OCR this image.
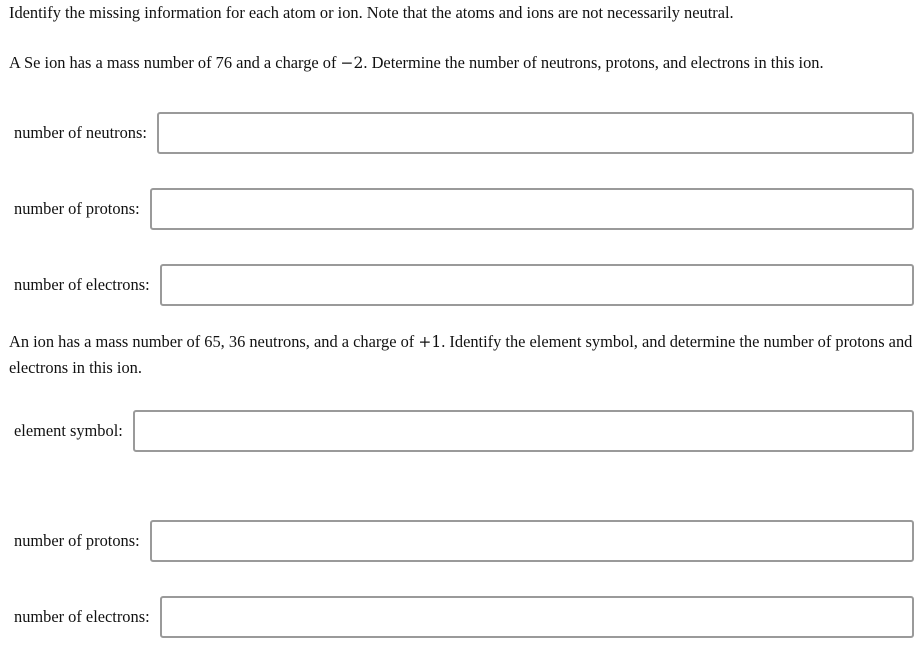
Identify the missing information for each atom or ion. Note that the atoms and ions are not necessarily neutral.
A Se ion has a mass number of 76 and a charge of −2. Determine the number of neutrons, protons, and electrons in this ion.
number of neutrons:
number of protons:
number of electrons:
An ion has a mass number of 65, 36 neutrons, and a charge of +1. Identify the element symbol, and determine the number of protons and electrons in this ion.
element symbol:
number of protons:
number of electrons:
